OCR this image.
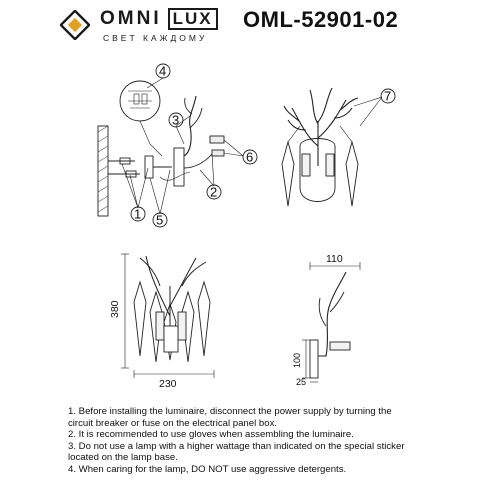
OMNI LUX
СВЕТ КАЖДОМУ
OML-52901-02
4
3
1
2
5
6
7
380
230
110
100
25

1. Before installing the luminaire, disconnect the power supply by turning the circuit breaker or fuse on the electrical panel box.

2. It is recommended to use gloves when assembling the luminaire.

3. Do not use a lamp with a higher wattage than indicated on the special sticker located on the lamp base.

4. When caring for the lamp, DO NOT use aggressive detergents.
